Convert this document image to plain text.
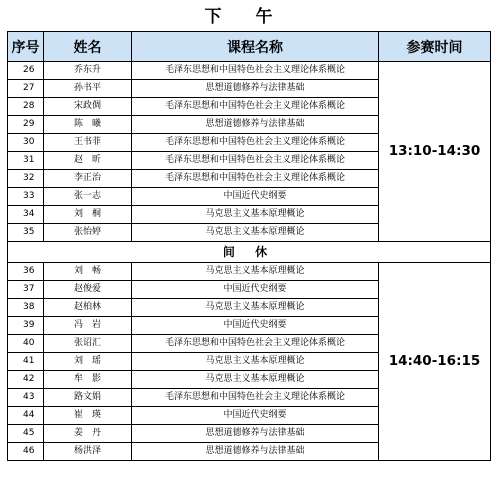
下 午
序号	姓名	课程名称	参赛时间
26	乔东升	毛泽东思想和中国特色社会主义理论体系概论	13:10-14:30
27	孙书平	思想道德修养与法律基础	
28	宋政倜	毛泽东思想和中国特色社会主义理论体系概论	
29	陈　曦	思想道德修养与法律基础	
30	王书菲	毛泽东思想和中国特色社会主义理论体系概论	
31	赵　昕	毛泽东思想和中国特色社会主义理论体系概论	
32	李正治	毛泽东思想和中国特色社会主义理论体系概论	
33	张一志	中国近代史纲要	
34	刘　桐	马克思主义基本原理概论	
35	张怡婷	马克思主义基本原理概论	
间 休			
36	刘　畅	马克思主义基本原理概论	14:40-16:15
37	赵俊爱	中国近代史纲要	
38	赵柏林	马克思主义基本原理概论	
39	冯　岩	中国近代史纲要	
40	张诏汇	毛泽东思想和中国特色社会主义理论体系概论	
41	刘　瑶	马克思主义基本原理概论	
42	牟　影	马克思主义基本原理概论	
43	路文娟	毛泽东思想和中国特色社会主义理论体系概论	
44	崔　瑛	中国近代史纲要	
45	姜　丹	思想道德修养与法律基础	
46	杨洪泽	思想道德修养与法律基础	
